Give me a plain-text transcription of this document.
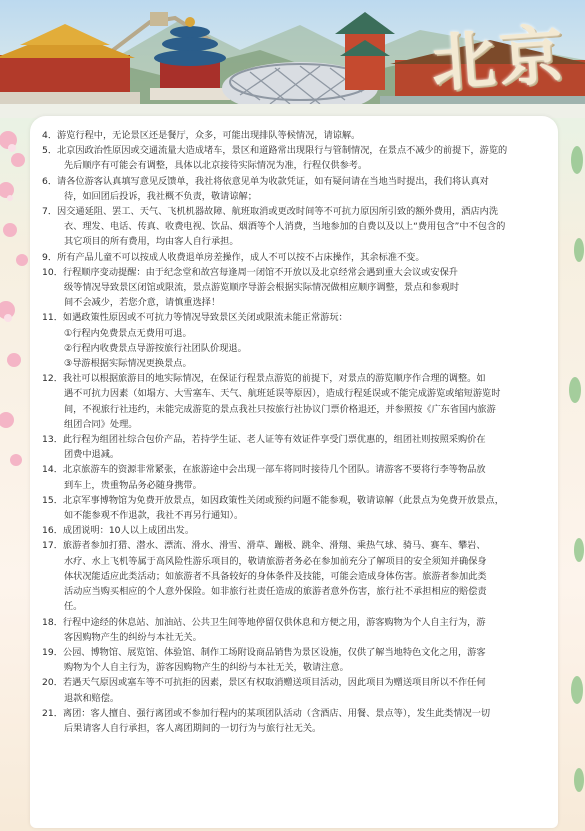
北京
4．游览行程中，无论景区还是餐厅，众多，可能出现排队等候情况，请谅解。
5．北京因政治性原因或交通流量大造成堵车，景区和道路常出现限行与管制情况，在景点不减少的前提下，游览的
先后顺序有可能会有调整，具体以北京接待实际情况为准，行程仅供参考。
6．请各位游客认真填写意见反馈单，我社将依意见单为收款凭证，如有疑问请在当地当时提出，我们将认真对
待，如回团后投诉，我社概不负责，敬请谅解；
7．因交通延阻、罢工、天气、飞机机器故障、航班取消或更改时间等不可抗力原因所引致的额外费用，酒店内洗
衣、理发、电话、传真、收费电视、饮品、烟酒等个人消费，当地参加的自费以及以上“费用包含”中不包含的
其它项目的所有费用，均由客人自行承担。
9．所有产品儿童不可以按成人收费退单房差操作，成人不可以按不占床操作，其余标准不变。
10．行程顺序变动提醒：由于纪念堂和故宫每逢周一闭馆不开放以及北京经常会遇到重大会议或安保升
级等情况导致景区闭馆或限流，景点游览顺序导游会根据实际情况做相应顺序调整，景点和参观时
间不会减少，若您介意，请慎重选择！
11．如遇政策性原因或不可抗力等情况导致景区关闭或限流未能正常游玩：
①行程内免费景点无费用可退。
②行程内收费景点导游按旅行社团队价现退。
③导游根据实际情况更换景点。
12．我社可以根据旅游目的地实际情况，在保证行程景点游览的前提下，对景点的游览顺序作合理的调整。如
遇不可抗力因素（如塌方、大雪塞车、天气、航班延误等原因），造成行程延误或不能完成游览或缩短游览时
间，不视旅行社违约，未能完成游览的景点我社只按旅行社协议门票价格退还，并参照按《广东省国内旅游
组团合同》处理。
13．此行程为组团社综合包价产品，若持学生证、老人证等有效证件享受门票优惠的，组团社则按照采购价在
团费中退减。
14．北京旅游车的资源非常紧张，在旅游途中会出现一部车将同时接待几个团队。请游客不要将行李等物品放
到车上，贵重物品务必随身携带。
15．北京军事博物馆为免费开放景点，如因政策性关闭或预约问题不能参观，敬请谅解（此景点为免费开放景点，
如不能参观不作退款，我社不再另行通知）。
16．成团说明：10人以上成团出发。
17．旅游者参加打猎、潜水、漂流、滑水、滑雪、滑草、蹦极、跳伞、滑翔、乘热气球、骑马、赛车、攀岩、
水疗、水上飞机等属于高风险性游乐项目的，敬请旅游者务必在参加前充分了解项目的安全须知并确保身
体状况能适应此类活动；如旅游者不具备较好的身体条件及技能，可能会造成身体伤害。旅游者参加此类
活动应当购买相应的个人意外保险。如非旅行社责任造成的旅游者意外伤害，旅行社不承担相应的赔偿责
任。
18．行程中途经的休息站、加油站、公共卫生间等地停留仅供休息和方便之用，游客购物为个人自主行为，游
客因购物产生的纠纷与本社无关。
19．公园、博物馆、展览馆、体验馆、制作工场附设商品销售为景区设施，仅供了解当地特色文化之用，游客
购物为个人自主行为，游客因购物产生的纠纷与本社无关，敬请注意。
20．若遇天气原因或塞车等不可抗拒的因素，景区有权取消赠送项目活动，因此项目为赠送项目所以不作任何
退款和赔偿。
21．离团：客人擅自、强行离团或不参加行程内的某项团队活动（含酒店、用餐、景点等），发生此类情况一切
后果请客人自行承担，客人离团期间的一切行为与旅行社无关。
